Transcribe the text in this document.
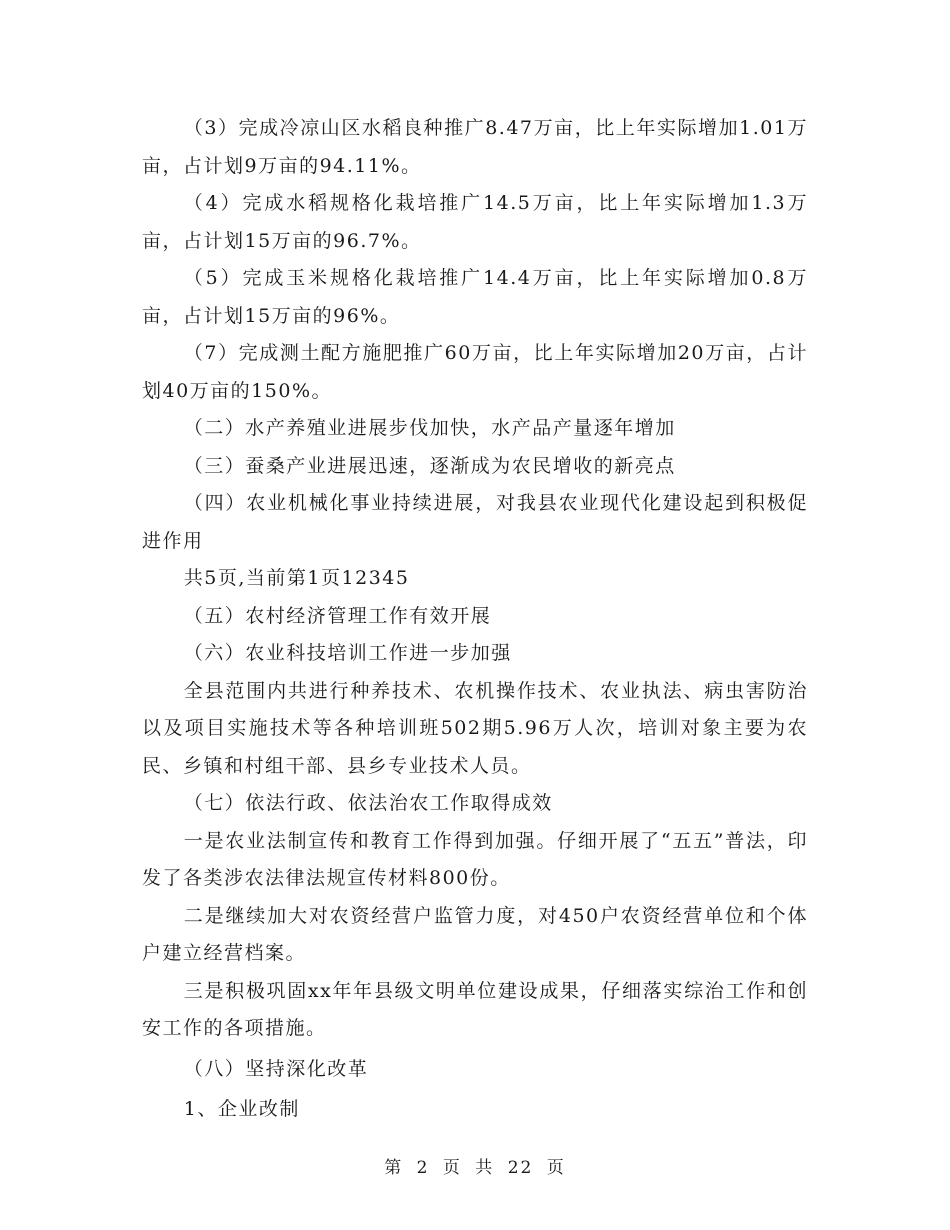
（3）完成冷凉山区水稻良种推广8.47万亩，比上年实际增加1.01万亩，占计划9万亩的94.11%。

（4）完成水稻规格化栽培推广14.5万亩，比上年实际增加1.3万亩，占计划15万亩的96.7%。

（5）完成玉米规格化栽培推广14.4万亩，比上年实际增加0.8万亩，占计划15万亩的96%。

（7）完成测土配方施肥推广60万亩，比上年实际增加20万亩，占计划40万亩的150%。

（二）水产养殖业进展步伐加快，水产品产量逐年增加

（三）蚕桑产业进展迅速，逐渐成为农民增收的新亮点

（四）农业机械化事业持续进展，对我县农业现代化建设起到积极促进作用

共5页,当前第1页12345

（五）农村经济管理工作有效开展

（六）农业科技培训工作进一步加强

全县范围内共进行种养技术、农机操作技术、农业执法、病虫害防治以及项目实施技术等各种培训班502期5.96万人次，培训对象主要为农民、乡镇和村组干部、县乡专业技术人员。

（七）依法行政、依法治农工作取得成效

一是农业法制宣传和教育工作得到加强。仔细开展了“五五”普法，印发了各类涉农法律法规宣传材料800份。

二是继续加大对农资经营户监管力度，对450户农资经营单位和个体户建立经营档案。

三是积极巩固xx年年县级文明单位建设成果，仔细落实综治工作和创安工作的各项措施。

（八）坚持深化改革

1、企业改制

第 2 页 共 22 页
